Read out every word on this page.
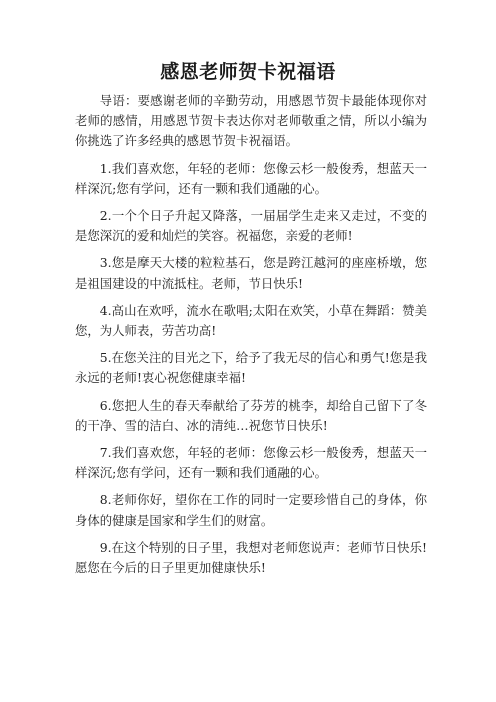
感恩老师贺卡祝福语

导语：要感谢老师的辛勤劳动，用感恩节贺卡最能体现你对老师的感情，用感恩节贺卡表达你对老师敬重之情，所以小编为你挑选了许多经典的感恩节贺卡祝福语。

1.我们喜欢您，年轻的老师：您像云杉一般俊秀，想蓝天一样深沉;您有学问，还有一颗和我们通融的心。

2.一个个日子升起又降落，一届届学生走来又走过，不变的是您深沉的爱和灿烂的笑容。祝福您，亲爱的老师!

3.您是摩天大楼的粒粒基石，您是跨江越河的座座桥墩，您是祖国建设的中流抵柱。老师，节日快乐!

4.高山在欢呼，流水在歌唱;太阳在欢笑，小草在舞蹈：赞美您，为人师表，劳苦功高!

5.在您关注的目光之下，给予了我无尽的信心和勇气!您是我永远的老师!衷心祝您健康幸福!

6.您把人生的春天奉献给了芬芳的桃李，却给自己留下了冬的干净、雪的洁白、冰的清纯…祝您节日快乐!

7.我们喜欢您，年轻的老师：您像云杉一般俊秀，想蓝天一样深沉;您有学问，还有一颗和我们通融的心。

8.老师你好，望你在工作的同时一定要珍惜自己的身体，你身体的健康是国家和学生们的财富。

9.在这个特别的日子里，我想对老师您说声：老师节日快乐!愿您在今后的日子里更加健康快乐!
